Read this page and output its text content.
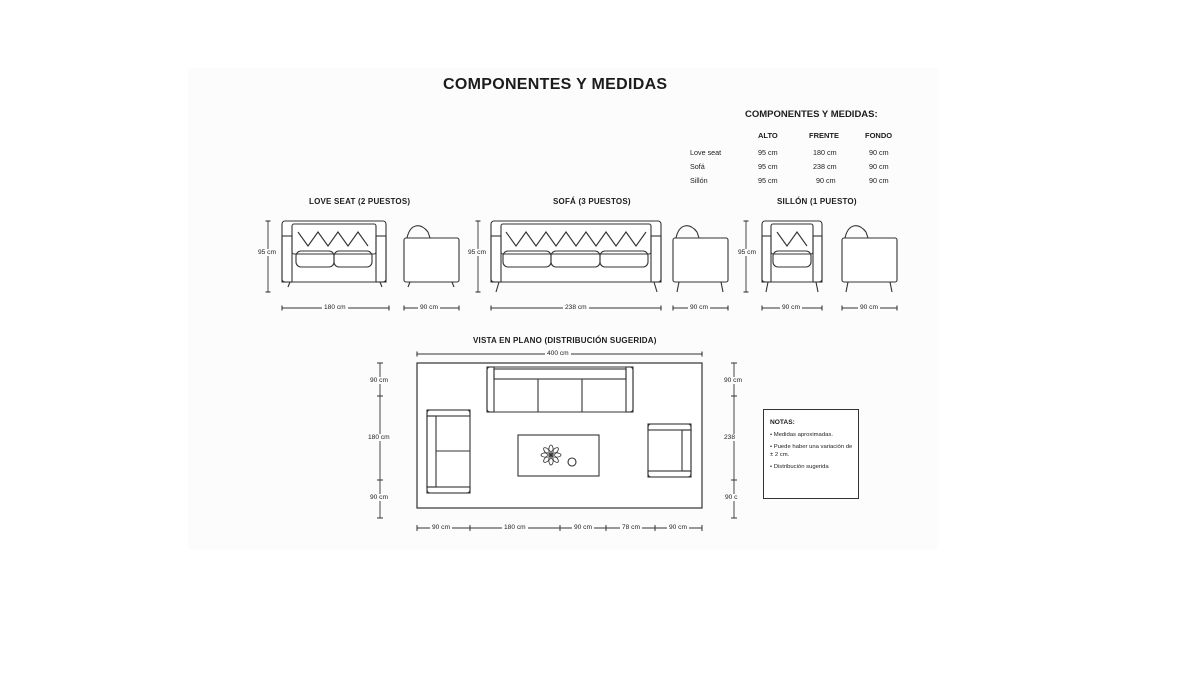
COMPONENTES Y MEDIDAS
COMPONENTES Y MEDIDAS:
ALTO	FRENTE	FONDO
Love seat	95 cm	180 cm	90 cm
Sofá	95 cm	238 cm	90 cm
Sillón	95 cm	90 cm	90 cm
LOVE SEAT (2 PUESTOS)	SOFÁ (3 PUESTOS)	SILLÓN (1 PUESTO)
95 cm	95 cm	95 cm
180 cm	90 cm	238 cm	90 cm	90 cm	90 cm
VISTA EN PLANO (DISTRIBUCIÓN SUGERIDA)
400 cm
90 cm
180 cm
90 cm
90 cm
238
90 c
90 cm	180 cm	90 cm	78 cm	90 cm
NOTAS:
• Medidas aproximadas.
• Puede haber una variación de ± 2 cm.
• Distribución sugerida
